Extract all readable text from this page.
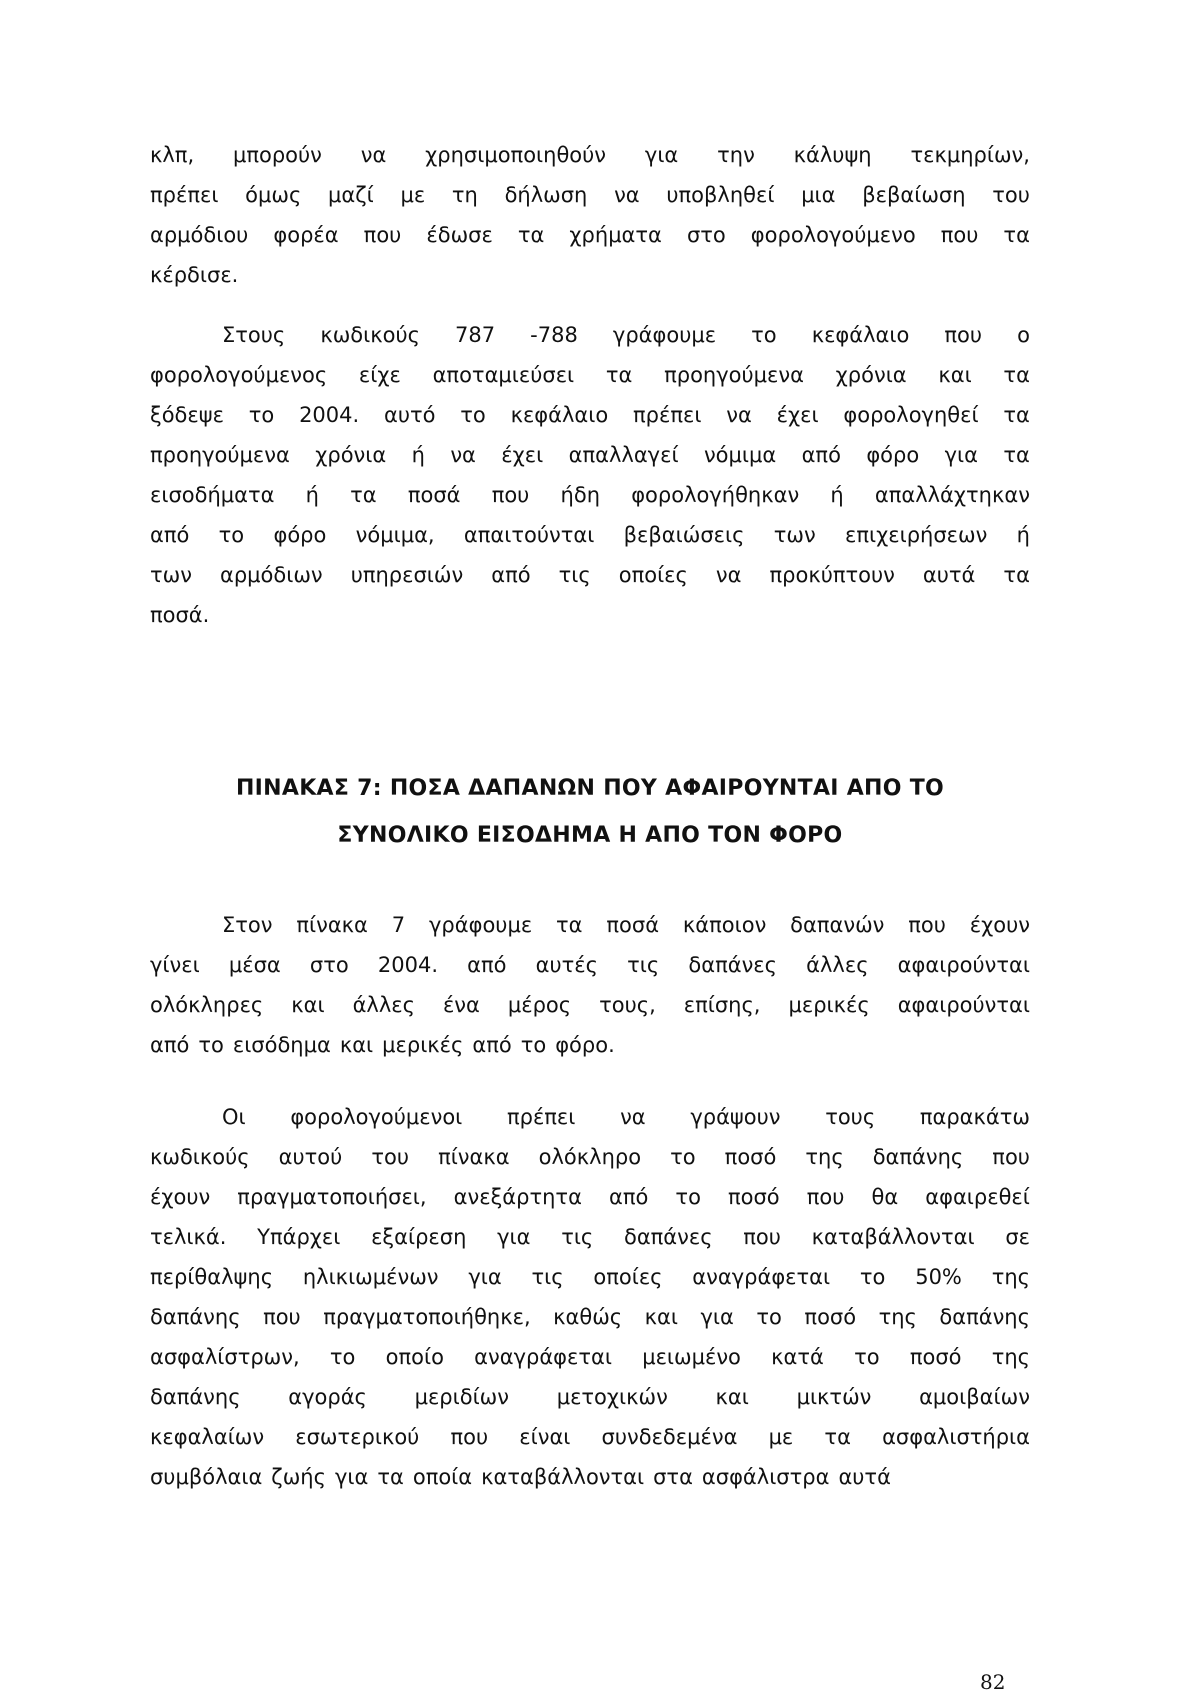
κλπ, μπορούν να χρησιμοποιηθούν για την κάλυψη τεκμηρίων,
πρέπει όμως μαζί με τη δήλωση να υποβληθεί μια βεβαίωση του
αρμόδιου φορέα που έδωσε τα χρήματα στο φορολογούμενο που τα
κέρδισε.
Στους κωδικούς 787 -788 γράφουμε το κεφάλαιο που ο
φορολογούμενος είχε αποταμιεύσει τα προηγούμενα χρόνια και τα
ξόδεψε το 2004. αυτό το κεφάλαιο πρέπει να έχει φορολογηθεί τα
προηγούμενα χρόνια ή να έχει απαλλαγεί νόμιμα από φόρο για τα
εισοδήματα ή τα ποσά που ήδη φορολογήθηκαν ή απαλλάχτηκαν
από το φόρο νόμιμα, απαιτούνται βεβαιώσεις των επιχειρήσεων ή
των αρμόδιων υπηρεσιών από τις οποίες να προκύπτουν αυτά τα
ποσά.
ΠΙΝΑΚΑΣ 7: ΠΟΣΑ ΔΑΠΑΝΩΝ ΠΟΥ ΑΦΑΙΡΟΥΝΤΑΙ ΑΠΟ ΤΟ
ΣΥΝΟΛΙΚΟ ΕΙΣΟΔΗΜΑ Η ΑΠΟ ΤΟΝ ΦΟΡΟ
Στον πίνακα 7 γράφουμε τα ποσά κάποιον δαπανών που έχουν
γίνει μέσα στο 2004. από αυτές τις δαπάνες άλλες αφαιρούνται
ολόκληρες και άλλες ένα μέρος τους, επίσης, μερικές αφαιρούνται
από το εισόδημα και μερικές από το φόρο.
Οι φορολογούμενοι πρέπει να γράψουν τους παρακάτω
κωδικούς αυτού του πίνακα ολόκληρο το ποσό της δαπάνης που
έχουν πραγματοποιήσει, ανεξάρτητα από το ποσό που θα αφαιρεθεί
τελικά. Υπάρχει εξαίρεση για τις δαπάνες που καταβάλλονται σε
περίθαλψης ηλικιωμένων για τις οποίες αναγράφεται το 50% της
δαπάνης που πραγματοποιήθηκε, καθώς και για το ποσό της δαπάνης
ασφαλίστρων, το οποίο αναγράφεται μειωμένο κατά το ποσό της
δαπάνης αγοράς μεριδίων μετοχικών και μικτών αμοιβαίων
κεφαλαίων εσωτερικού που είναι συνδεδεμένα με τα ασφαλιστήρια
συμβόλαια ζωής για τα οποία καταβάλλονται στα ασφάλιστρα αυτά
82
